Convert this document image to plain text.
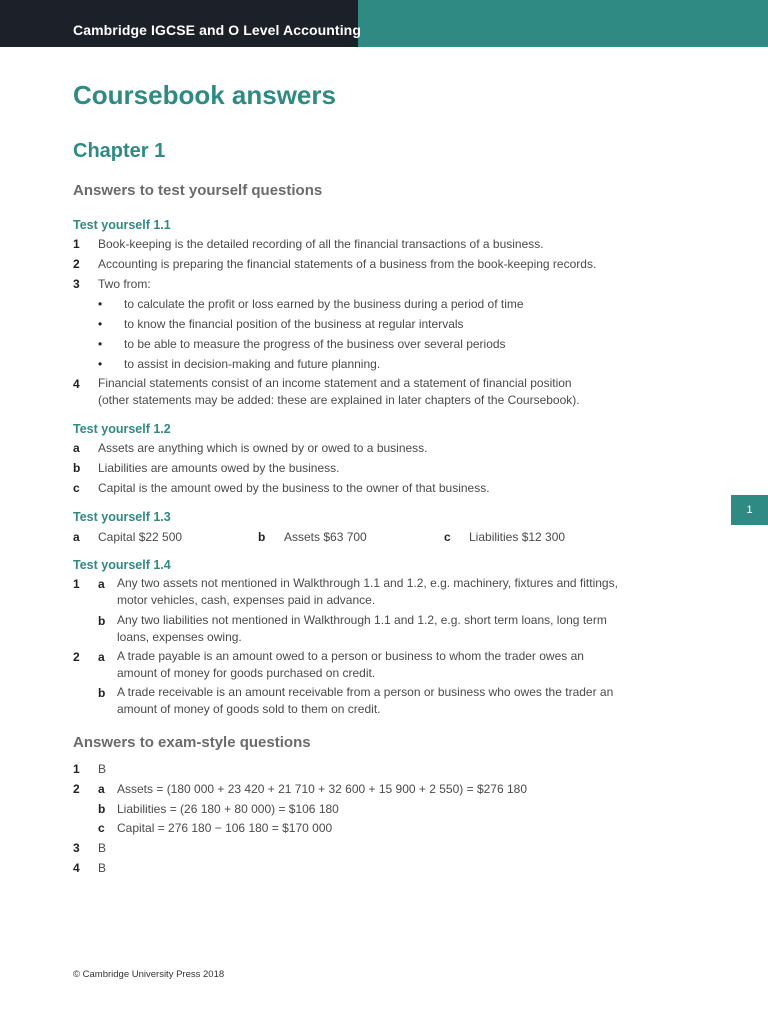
Cambridge IGCSE and O Level Accounting
1
Coursebook answers
Chapter 1
Answers to test yourself questions
Test yourself 1.1
1 Book-keeping is the detailed recording of all the financial transactions of a business.
2 Accounting is preparing the financial statements of a business from the book-keeping records.
3 Two from:
• to calculate the profit or loss earned by the business during a period of time
• to know the financial position of the business at regular intervals
• to be able to measure the progress of the business over several periods
• to assist in decision-making and future planning.
4 Financial statements consist of an income statement and a statement of financial position (other statements may be added: these are explained in later chapters of the Coursebook).
Test yourself 1.2
a Assets are anything which is owned by or owed to a business.
b Liabilities are amounts owed by the business.
c Capital is the amount owed by the business to the owner of that business.
Test yourself 1.3
a Capital $22 500	b Assets $63 700	c Liabilities $12 300
Test yourself 1.4
1 a Any two assets not mentioned in Walkthrough 1.1 and 1.2, e.g. machinery, fixtures and fittings, motor vehicles, cash, expenses paid in advance.
b Any two liabilities not mentioned in Walkthrough 1.1 and 1.2, e.g. short term loans, long term loans, expenses owing.
2 a A trade payable is an amount owed to a person or business to whom the trader owes an amount of money for goods purchased on credit.
b A trade receivable is an amount receivable from a person or business who owes the trader an amount of money of goods sold to them on credit.
Answers to exam-style questions
1 B
2 a Assets = (180 000 + 23 420 + 21 710 + 32 600 + 15 900 + 2 550) = $276 180
b Liabilities = (26 180 + 80 000) = $106 180
c Capital = 276 180 − 106 180 = $170 000
3 B
4 B
© Cambridge University Press 2018
